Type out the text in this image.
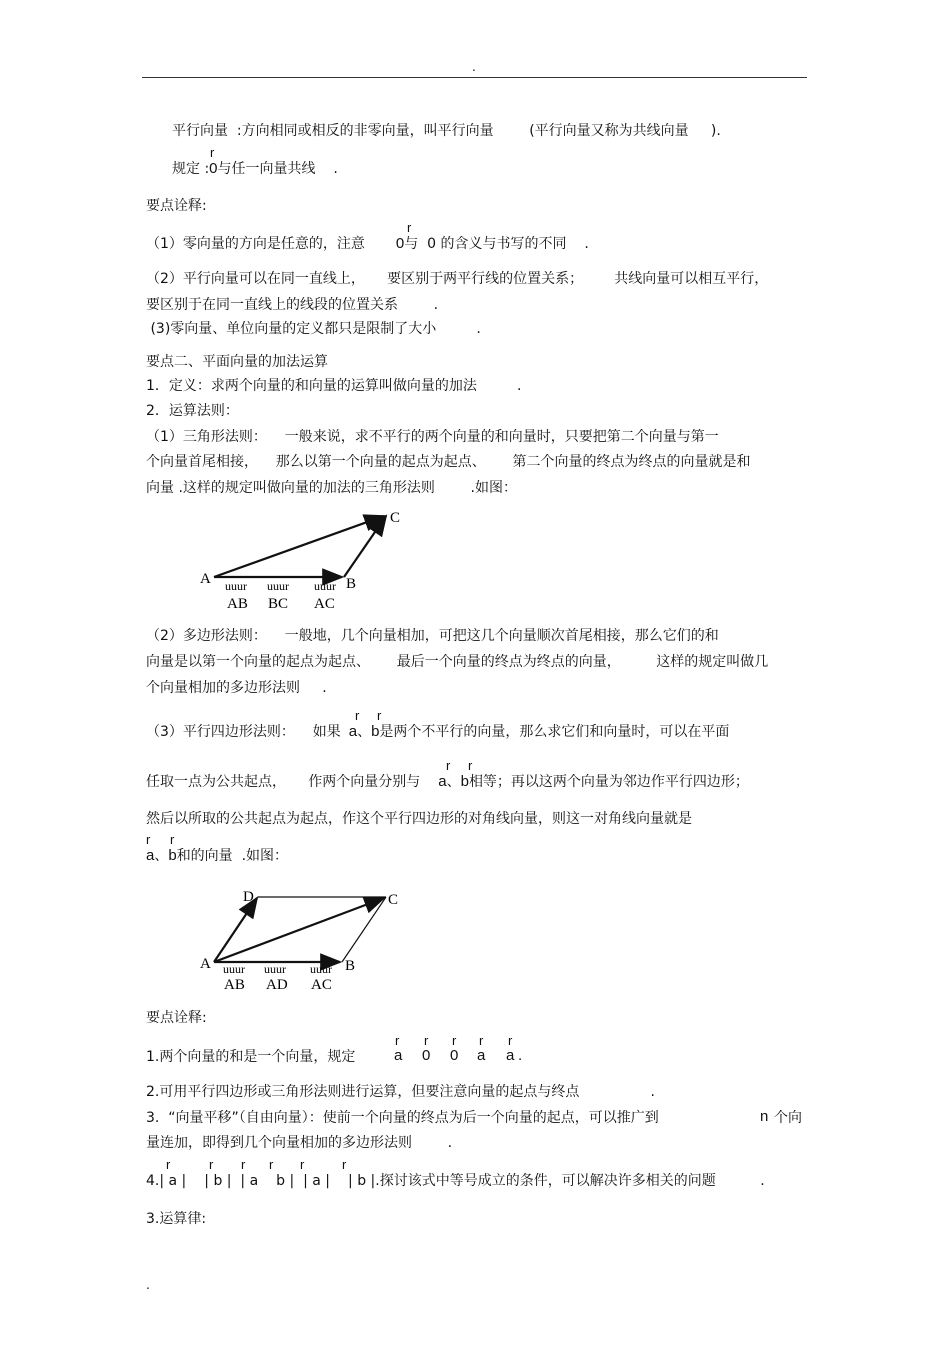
.
平行向量  :方向相同或相反的非零向量，叫平行向量        (平行向量又称为共线向量     ).
r
规定 :0与任一向量共线    .
要点诠释:
r
（1）零向量的方向是任意的，注意 0与  0 的含义与书写的不同    .
（2）平行向量可以在同一直线上，     要区别于两平行线的位置关系；       共线向量可以相互平行，
要区别于在同一直线上的线段的位置关系        .
(3)零向量、单位向量的定义都只是限制了大小         .
要点二、平面向量的加法运算
1．定义：求两个向量的和向量的运算叫做向量的加法         .
2．运算法则：
（1）三角形法则：    一般来说，求不平行的两个向量的和向量时，只要把第二个向量与第一
个向量首尾相接，    那么以第一个向量的起点为起点、      第二个向量的终点为终点的向量就是和
向量 .这样的规定叫做向量的加法的三角形法则        .如图：
A	B
C
uuur uuur uuur
AB BC AC
（2）多边形法则：    一般地，几个向量相加，可把这几个向量顺次首尾相接，那么它们的和
向量是以第一个向量的起点为起点、      最后一个向量的终点为终点的向量，        这样的规定叫做几
个向量相加的多边形法则     .
r r
（3）平行四边形法则：    如果 a、b是两个不平行的向量，那么求它们和向量时，可以在平面
r r
任取一点为公共起点，     作两个向量分别与 a、b相等；再以这两个向量为邻边作平行四边形；
然后以所取的公共起点为起点，作这个平行四边形的对角线向量，则这一对角线向量就是
r r
a、b和的向量  .如图：
A	B
C
D
uuur uuur uuur
AB AD AC
要点诠释:
r r r r r
1.两个向量的和是一个向量，规定	a 0 0 a a .
2.可用平行四边形或三角形法则进行运算，但要注意向量的起点与终点                .
3.  “向量平移”（自由向量）：使前一个向量的终点为后一个向量的起点，可以推广到	n 个向
量连加，即得到几个向量相加的多边形法则        .
r	r r r r	r
4.| a | | b |  | a b |  | a | | b |.探讨该式中等号成立的条件，可以解决许多相关的问题          .
3.运算律:
.
